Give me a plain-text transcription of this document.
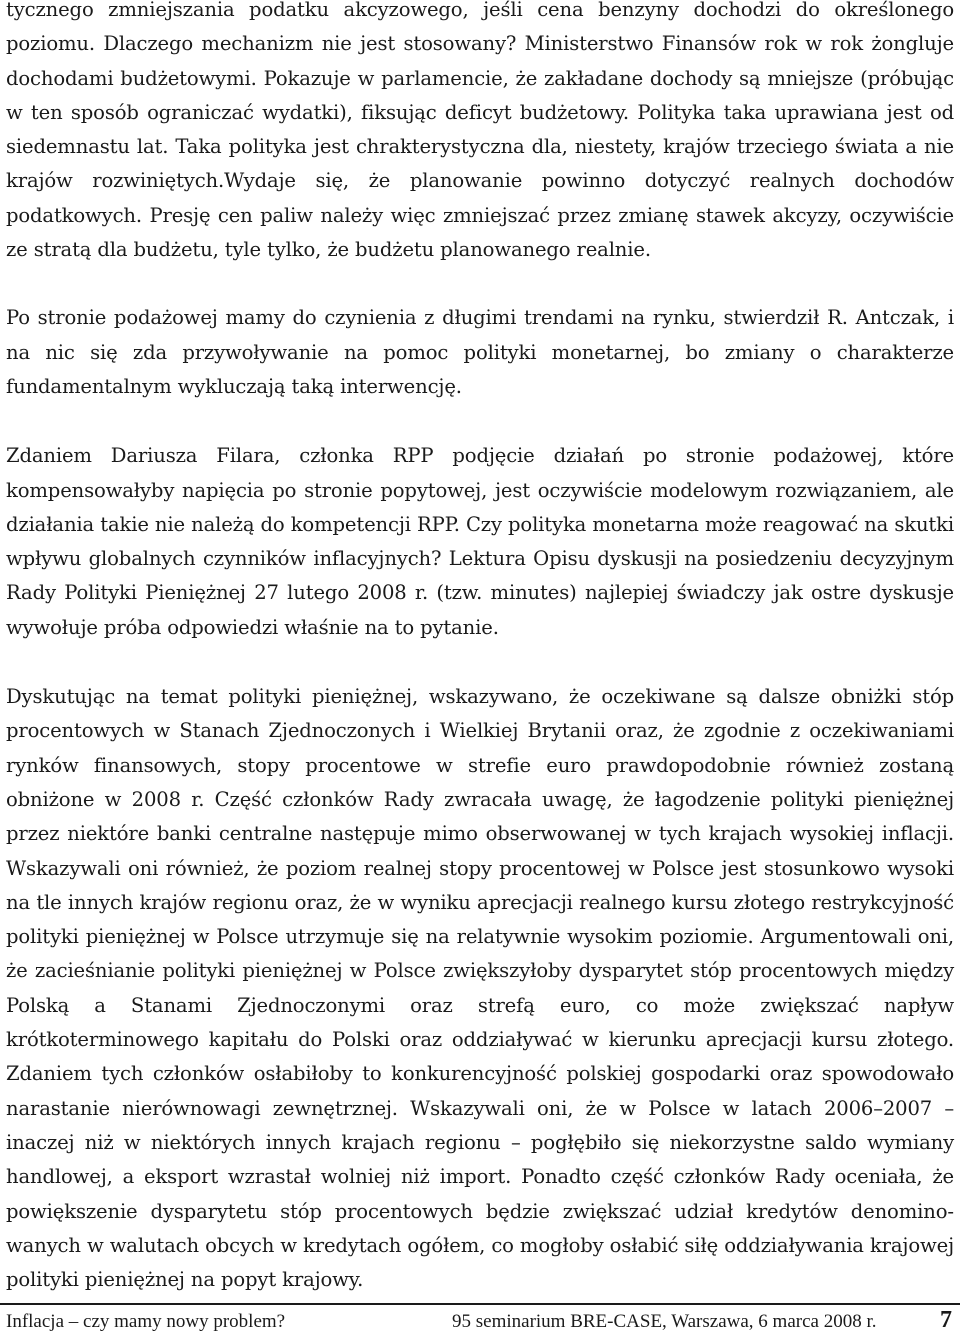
tycznego zmniejszania podatku akcyzowego, jeśli cena benzyny dochodzi do określonego poziomu. Dlaczego mechanizm nie jest stosowany? Ministerstwo Finansów rok w rok żongluje dochodami budżetowymi. Pokazuje w parlamencie, że zakładane dochody są mniejsze (próbując w ten sposób ograniczać wydatki), fiksując deficyt budżetowy. Polityka taka uprawiana jest od siedemnastu lat. Taka polityka jest chrakterystyczna dla, niestety, krajów trzeciego świata a nie krajów rozwiniętych.Wydaje się, że planowanie powinno dotyczyć realnych dochodów podatkowych. Presję cen paliw należy więc zmniejszać przez zmianę stawek akcyzy, oczywiście ze stratą dla budżetu, tyle tylko, że budżetu planowanego realnie.

Po stronie podażowej mamy do czynienia z długimi trendami na rynku, stwierdził R. Antczak, i na nic się zda przywoływanie na pomoc polityki monetarnej, bo zmiany o charakterze fundamentalnym wykluczają taką interwencję.

Zdaniem Dariusza Filara, członka RPP podjęcie działań po stronie podażowej, które kompensowałyby napięcia po stronie popytowej, jest oczywiście modelowym rozwiązaniem, ale działania takie nie należą do kompetencji RPP. Czy polityka monetarna może reagować na skutki wpływu globalnych czynników inflacyjnych? Lektura Opisu dyskusji na posiedzeniu decyzyjnym Rady Polityki Pieniężnej 27 lutego 2008 r. (tzw. minutes) najlepiej świadczy jak ostre dyskusje wywołuje próba odpowiedzi właśnie na to pytanie.

Dyskutując na temat polityki pieniężnej, wskazywano, że oczekiwane są dalsze obniżki stóp procentowych w Stanach Zjednoczonych i Wielkiej Brytanii oraz, że zgodnie z oczekiwaniami rynków finansowych, stopy procentowe w strefie euro prawdopodobnie również zostaną obniżone w 2008 r. Część członków Rady zwracała uwagę, że łagodzenie polityki pieniężnej przez niektóre banki centralne następuje mimo obserwowanej w tych krajach wysokiej inflacji. Wskazywali oni również, że poziom realnej stopy procentowej w Polsce jest stosunkowo wysoki na tle innych krajów regionu oraz, że w wyniku aprecjacji realnego kursu złotego restrykcyjność polityki pieniężnej w Polsce utrzymuje się na relatywnie wysokim poziomie. Argumentowali oni, że zacieśnianie polityki pieniężnej w Polsce zwiększyłoby dysparytet stóp procentowych między Polską a Stanami Zjednoczonymi oraz strefą euro, co może zwiększać napływ krótkoterminowego kapitału do Polski oraz oddziaływać w kierunku aprecjacji kursu złotego. Zdaniem tych członków osłabiłoby to konkurencyjność polskiej gospodarki oraz spowodowało narastanie nierównowagi zewnętrznej. Wskazywali oni, że w Polsce w latach 2006–2007 – inaczej niż w niektórych innych krajach regionu – pogłębiło się niekorzystne saldo wymiany handlowej, a eksport wzrastał wolniej niż import. Ponadto część członków Rady oceniała, że powiększenie dysparytetu stóp procentowych będzie zwiększać udział kredytów denominowanych w walutach obcych w kredytach ogółem, co mogłoby osłabić siłę oddziaływania krajowej polityki pieniężnej na popyt krajowy.

Inflacja – czy mamy nowy problem?	95 seminarium BRE-CASE, Warszawa, 6 marca 2008 r.	7
